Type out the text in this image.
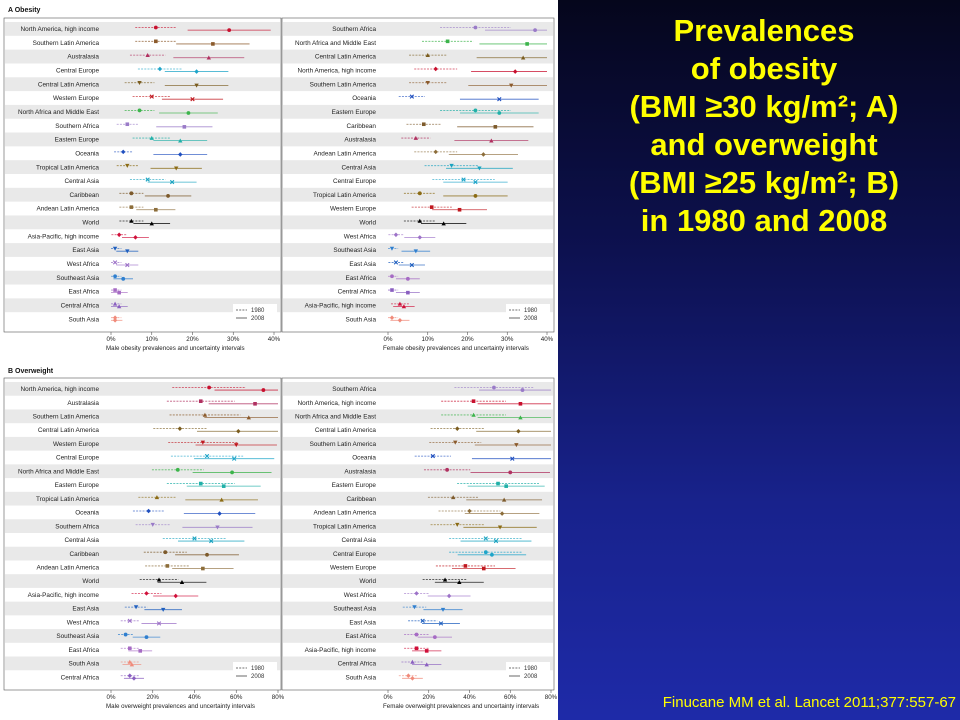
A Obesity
B Overweight
North America, high income
Southern Latin America
Australasia
Central Europe
Central Latin America
Western Europe
North Africa and Middle East
Southern Africa
Eastern Europe
Oceania
Tropical Latin America
Central Asia
Caribbean
Andean Latin America
World
Asia-Pacific, high income
East Asia
West Africa
Southeast Asia
East Africa
Central Africa
South Asia
1980
2008
0%	10%	20%	30%	40%
Male obesity prevalences and uncertainty intervals
Southern Africa
North Africa and Middle East
Central Latin America
North America, high income
Southern Latin America
Oceania
Eastern Europe
Caribbean
Australasia
Andean Latin America
Central Asia
Central Europe
Tropical Latin America
Western Europe
World
West Africa
Southeast Asia
East Asia
East Africa
Central Africa
Asia-Pacific, high income
South Asia
1980
2008
0%	10%	20%	30%	40%
Female obesity prevalences and uncertainty intervals
North America, high income
Australasia
Southern Latin America
Central Latin America
Western Europe
Central Europe
North Africa and Middle East
Eastern Europe
Tropical Latin America
Oceania
Southern Africa
Central Asia
Caribbean
Andean Latin America
World
Asia-Pacific, high income
East Asia
West Africa
Southeast Asia
East Africa
South Asia
Central Africa
1980
2008
0%	20%	40%	60%	80%
Male overweight prevalences and uncertainty intervals
Southern Africa
North America, high income
North Africa and Middle East
Central Latin America
Southern Latin America
Oceania
Australasia
Eastern Europe
Caribbean
Andean Latin America
Tropical Latin America
Central Asia
Central Europe
Western Europe
World
West Africa
Southeast Asia
East Asia
East Africa
Asia-Pacific, high income
Central Africa
South Asia
1980
2008
0%	20%	40%	60%	80%
Female overweight prevalences and uncertainty intervals
Prevalences
of obesity
(BMI ≥30 kg/m²; A)
and overweight
(BMI ≥25 kg/m²; B)
in 1980 and 2008
Finucane MM et al. Lancet 2011;377:557-67
